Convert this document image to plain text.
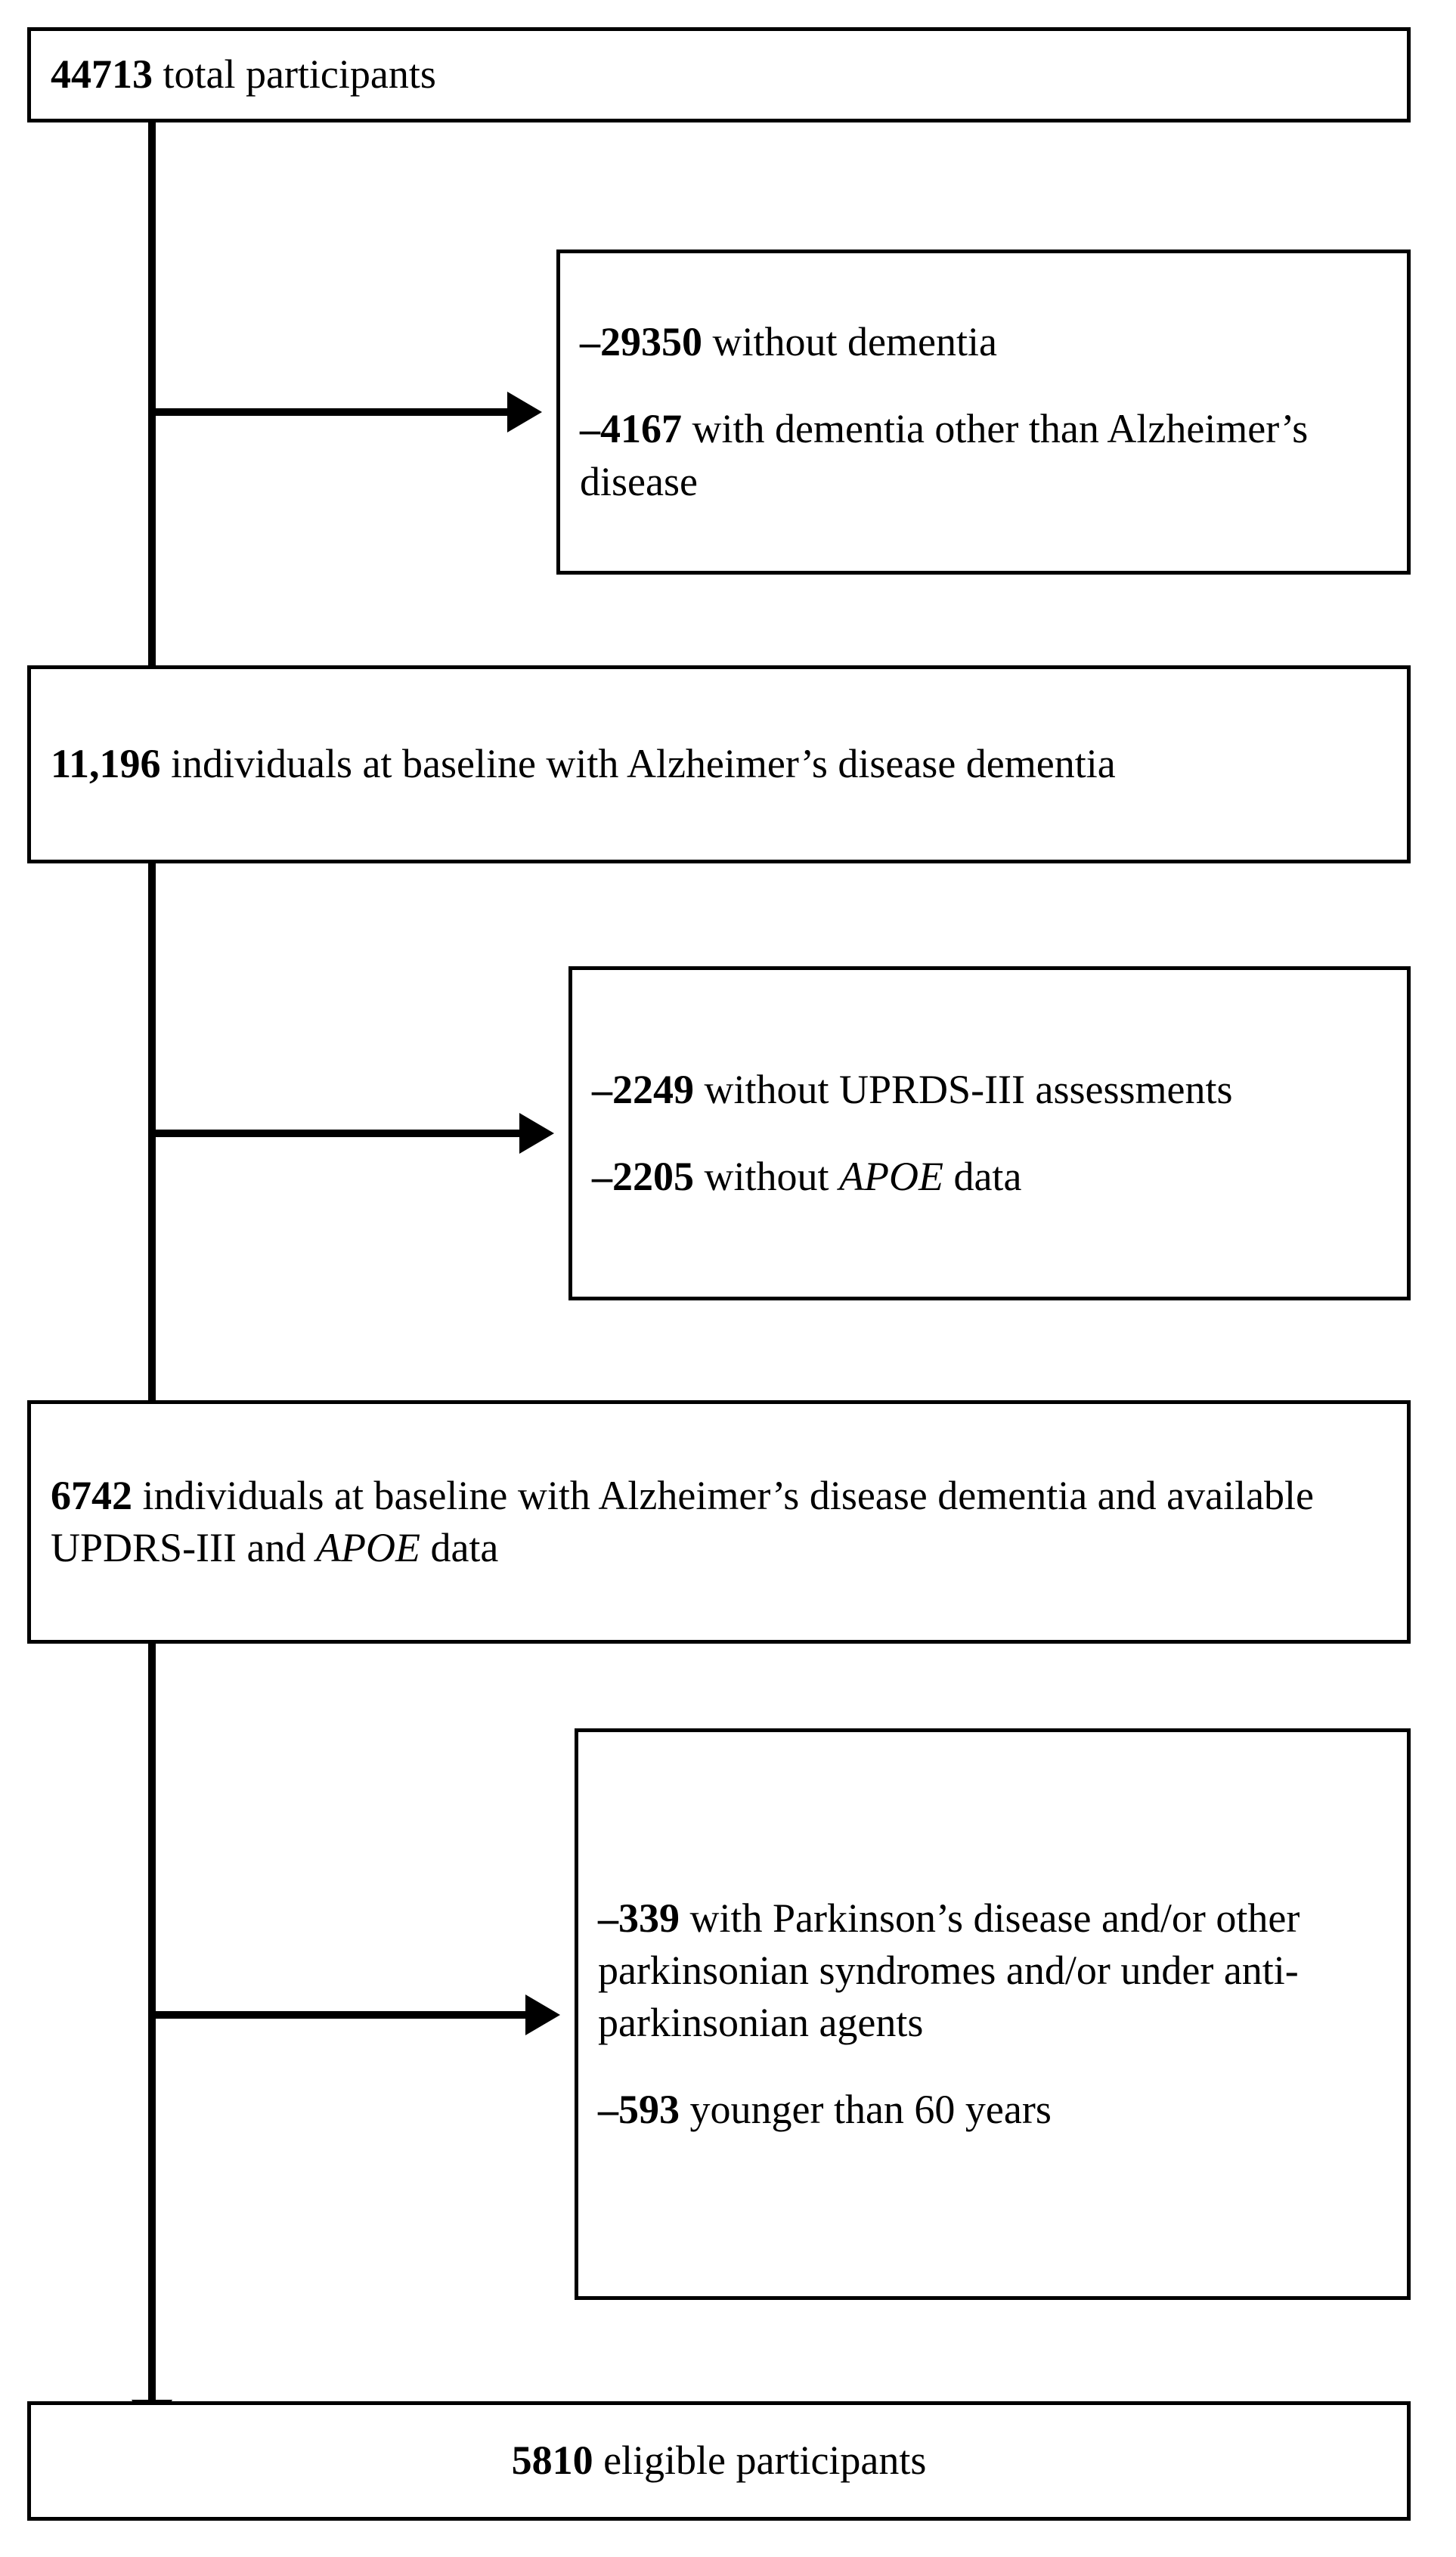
44713 total participants
–29350 without dementia
–4167 with dementia other than Alzheimer’s disease
11,196 individuals at baseline with Alzheimer’s disease dementia
–2249 without UPRDS-III assessments
–2205 without APOE data
6742 individuals at baseline with Alzheimer’s disease dementia and available UPDRS-III and APOE data
–339 with Parkinson’s disease and/or other parkinsonian syndromes and/or under anti-parkinsonian agents
–593 younger than 60 years
5810 eligible participants
